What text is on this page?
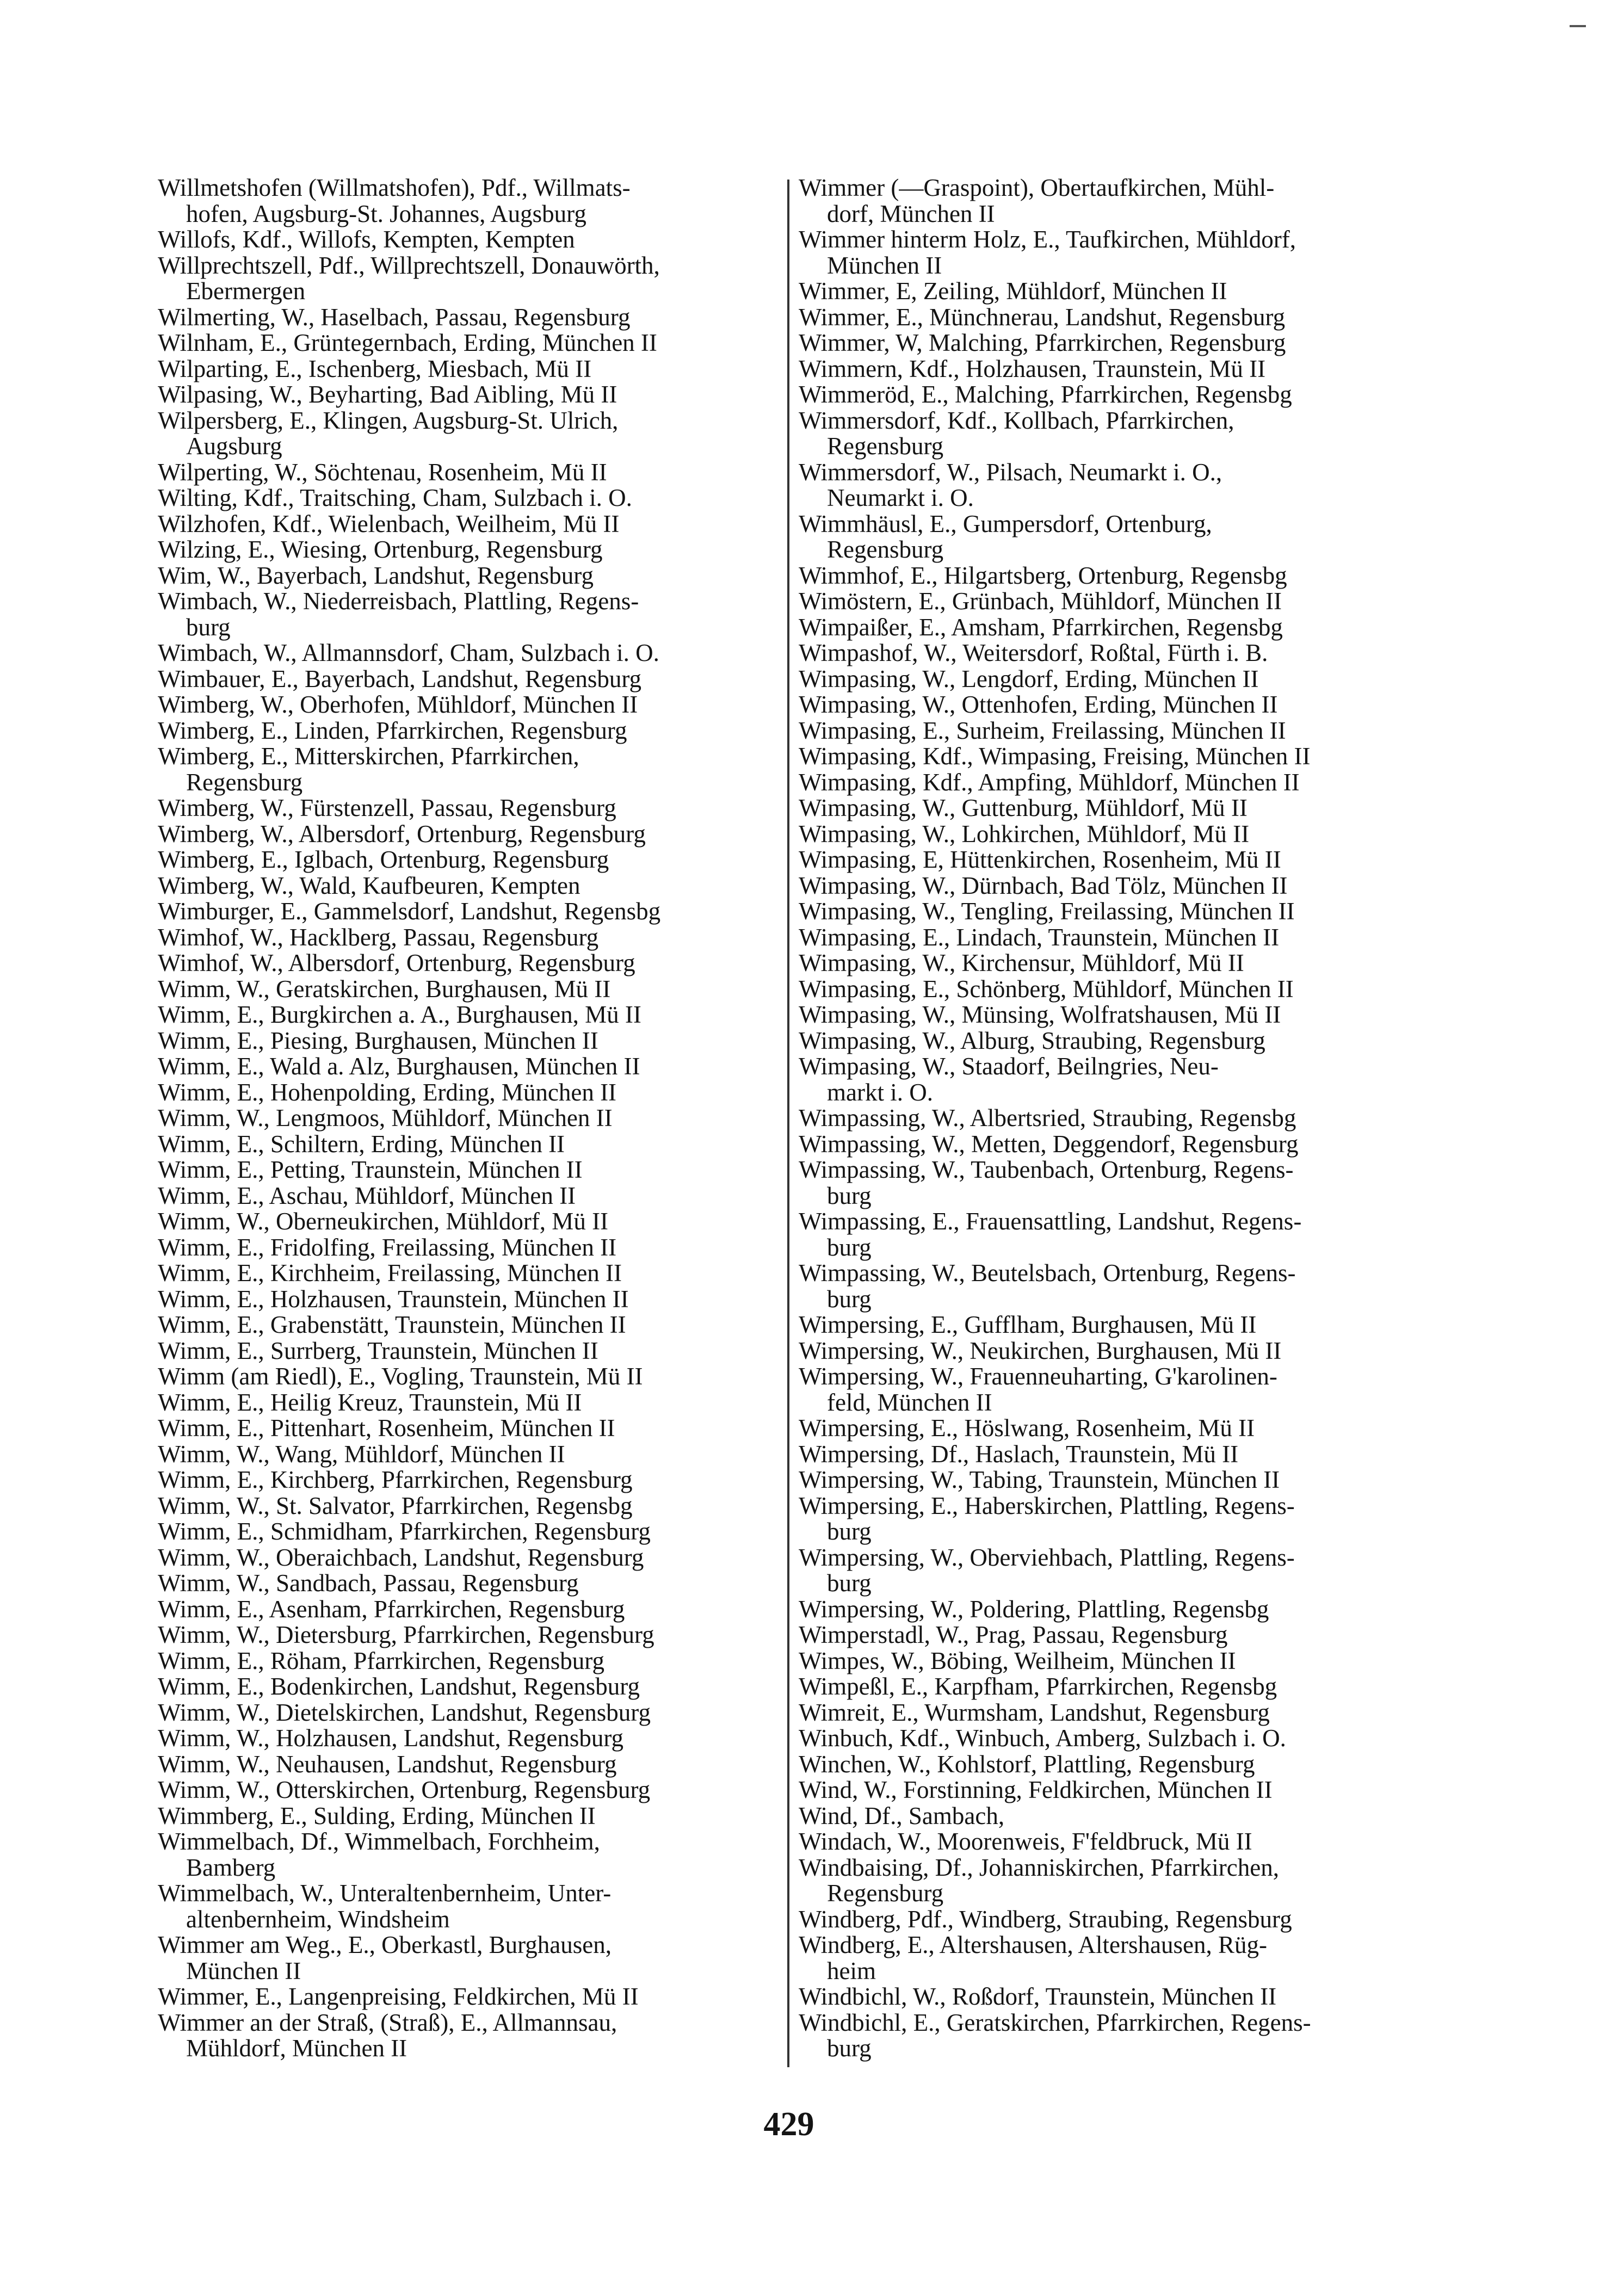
Willmetshofen (Willmatshofen), Pdf., Willmats-
hofen, Augsburg-St. Johannes, Augsburg
Willofs, Kdf., Willofs, Kempten, Kempten
Willprechtszell, Pdf., Willprechtszell, Donauwörth,
Ebermergen
Wilmerting, W., Haselbach, Passau, Regensburg
Wilnham, E., Grüntegernbach, Erding, München II
Wilparting, E., Ischenberg, Miesbach, Mü II
Wilpasing, W., Beyharting, Bad Aibling, Mü II
Wilpersberg, E., Klingen, Augsburg-St. Ulrich,
Augsburg
Wilperting, W., Söchtenau, Rosenheim, Mü II
Wilting, Kdf., Traitsching, Cham, Sulzbach i. O.
Wilzhofen, Kdf., Wielenbach, Weilheim, Mü II
Wilzing, E., Wiesing, Ortenburg, Regensburg
Wim, W., Bayerbach, Landshut, Regensburg
Wimbach, W., Niederreisbach, Plattling, Regens-
burg
Wimbach, W., Allmannsdorf, Cham, Sulzbach i. O.
Wimbauer, E., Bayerbach, Landshut, Regensburg
Wimberg, W., Oberhofen, Mühldorf, München II
Wimberg, E., Linden, Pfarrkirchen, Regensburg
Wimberg, E., Mitterskirchen, Pfarrkirchen,
Regensburg
Wimberg, W., Fürstenzell, Passau, Regensburg
Wimberg, W., Albersdorf, Ortenburg, Regensburg
Wimberg, E., Iglbach, Ortenburg, Regensburg
Wimberg, W., Wald, Kaufbeuren, Kempten
Wimburger, E., Gammelsdorf, Landshut, Regensbg
Wimhof, W., Hacklberg, Passau, Regensburg
Wimhof, W., Albersdorf, Ortenburg, Regensburg
Wimm, W., Geratskirchen, Burghausen, Mü II
Wimm, E., Burgkirchen a. A., Burghausen, Mü II
Wimm, E., Piesing, Burghausen, München II
Wimm, E., Wald a. Alz, Burghausen, München II
Wimm, E., Hohenpolding, Erding, München II
Wimm, W., Lengmoos, Mühldorf, München II
Wimm, E., Schiltern, Erding, München II
Wimm, E., Petting, Traunstein, München II
Wimm, E., Aschau, Mühldorf, München II
Wimm, W., Oberneukirchen, Mühldorf, Mü II
Wimm, E., Fridolfing, Freilassing, München II
Wimm, E., Kirchheim, Freilassing, München II
Wimm, E., Holzhausen, Traunstein, München II
Wimm, E., Grabenstätt, Traunstein, München II
Wimm, E., Surrberg, Traunstein, München II
Wimm (am Riedl), E., Vogling, Traunstein, Mü II
Wimm, E., Heilig Kreuz, Traunstein, Mü II
Wimm, E., Pittenhart, Rosenheim, München II
Wimm, W., Wang, Mühldorf, München II
Wimm, E., Kirchberg, Pfarrkirchen, Regensburg
Wimm, W., St. Salvator, Pfarrkirchen, Regensbg
Wimm, E., Schmidham, Pfarrkirchen, Regensburg
Wimm, W., Oberaichbach, Landshut, Regensburg
Wimm, W., Sandbach, Passau, Regensburg
Wimm, E., Asenham, Pfarrkirchen, Regensburg
Wimm, W., Dietersburg, Pfarrkirchen, Regensburg
Wimm, E., Röham, Pfarrkirchen, Regensburg
Wimm, E., Bodenkirchen, Landshut, Regensburg
Wimm, W., Dietelskirchen, Landshut, Regensburg
Wimm, W., Holzhausen, Landshut, Regensburg
Wimm, W., Neuhausen, Landshut, Regensburg
Wimm, W., Otterskirchen, Ortenburg, Regensburg
Wimmberg, E., Sulding, Erding, München II
Wimmelbach, Df., Wimmelbach, Forchheim,
Bamberg
Wimmelbach, W., Unteraltenbernheim, Unter-
altenbernheim, Windsheim
Wimmer am Weg., E., Oberkastl, Burghausen,
München II
Wimmer, E., Langenpreising, Feldkirchen, Mü II
Wimmer an der Straß, (Straß), E., Allmannsau,
Mühldorf, München II
Wimmer (—Graspoint), Obertaufkirchen, Mühl-
dorf, München II
Wimmer hinterm Holz, E., Taufkirchen, Mühldorf,
München II
Wimmer, E, Zeiling, Mühldorf, München II
Wimmer, E., Münchnerau, Landshut, Regensburg
Wimmer, W, Malching, Pfarrkirchen, Regensburg
Wimmern, Kdf., Holzhausen, Traunstein, Mü II
Wimmeröd, E., Malching, Pfarrkirchen, Regensbg
Wimmersdorf, Kdf., Kollbach, Pfarrkirchen,
Regensburg
Wimmersdorf, W., Pilsach, Neumarkt i. O.,
Neumarkt i. O.
Wimmhäusl, E., Gumpersdorf, Ortenburg,
Regensburg
Wimmhof, E., Hilgartsberg, Ortenburg, Regensbg
Wimöstern, E., Grünbach, Mühldorf, München II
Wimpaißer, E., Amsham, Pfarrkirchen, Regensbg
Wimpashof, W., Weitersdorf, Roßtal, Fürth i. B.
Wimpasing, W., Lengdorf, Erding, München II
Wimpasing, W., Ottenhofen, Erding, München II
Wimpasing, E., Surheim, Freilassing, München II
Wimpasing, Kdf., Wimpasing, Freising, München II
Wimpasing, Kdf., Ampfing, Mühldorf, München II
Wimpasing, W., Guttenburg, Mühldorf, Mü II
Wimpasing, W., Lohkirchen, Mühldorf, Mü II
Wimpasing, E, Hüttenkirchen, Rosenheim, Mü II
Wimpasing, W., Dürnbach, Bad Tölz, München II
Wimpasing, W., Tengling, Freilassing, München II
Wimpasing, E., Lindach, Traunstein, München II
Wimpasing, W., Kirchensur, Mühldorf, Mü II
Wimpasing, E., Schönberg, Mühldorf, München II
Wimpasing, W., Münsing, Wolfratshausen, Mü II
Wimpasing, W., Alburg, Straubing, Regensburg
Wimpasing, W., Staadorf, Beilngries, Neu-
markt i. O.
Wimpassing, W., Albertsried, Straubing, Regensbg
Wimpassing, W., Metten, Deggendorf, Regensburg
Wimpassing, W., Taubenbach, Ortenburg, Regens-
burg
Wimpassing, E., Frauensattling, Landshut, Regens-
burg
Wimpassing, W., Beutelsbach, Ortenburg, Regens-
burg
Wimpersing, E., Gufflham, Burghausen, Mü II
Wimpersing, W., Neukirchen, Burghausen, Mü II
Wimpersing, W., Frauenneuharting, G'karolinen-
feld, München II
Wimpersing, E., Höslwang, Rosenheim, Mü II
Wimpersing, Df., Haslach, Traunstein, Mü II
Wimpersing, W., Tabing, Traunstein, München II
Wimpersing, E., Haberskirchen, Plattling, Regens-
burg
Wimpersing, W., Oberviehbach, Plattling, Regens-
burg
Wimpersing, W., Poldering, Plattling, Regensbg
Wimperstadl, W., Prag, Passau, Regensburg
Wimpes, W., Böbing, Weilheim, München II
Wimpeßl, E., Karpfham, Pfarrkirchen, Regensbg
Wimreit, E., Wurmsham, Landshut, Regensburg
Winbuch, Kdf., Winbuch, Amberg, Sulzbach i. O.
Winchen, W., Kohlstorf, Plattling, Regensburg
Wind, W., Forstinning, Feldkirchen, München II
Wind, Df., Sambach,
Windach, W., Moorenweis, F'feldbruck, Mü II
Windbaising, Df., Johanniskirchen, Pfarrkirchen,
Regensburg
Windberg, Pdf., Windberg, Straubing, Regensburg
Windberg, E., Altershausen, Altershausen, Rüg-
heim
Windbichl, W., Roßdorf, Traunstein, München II
Windbichl, E., Geratskirchen, Pfarrkirchen, Regens-
burg
429
